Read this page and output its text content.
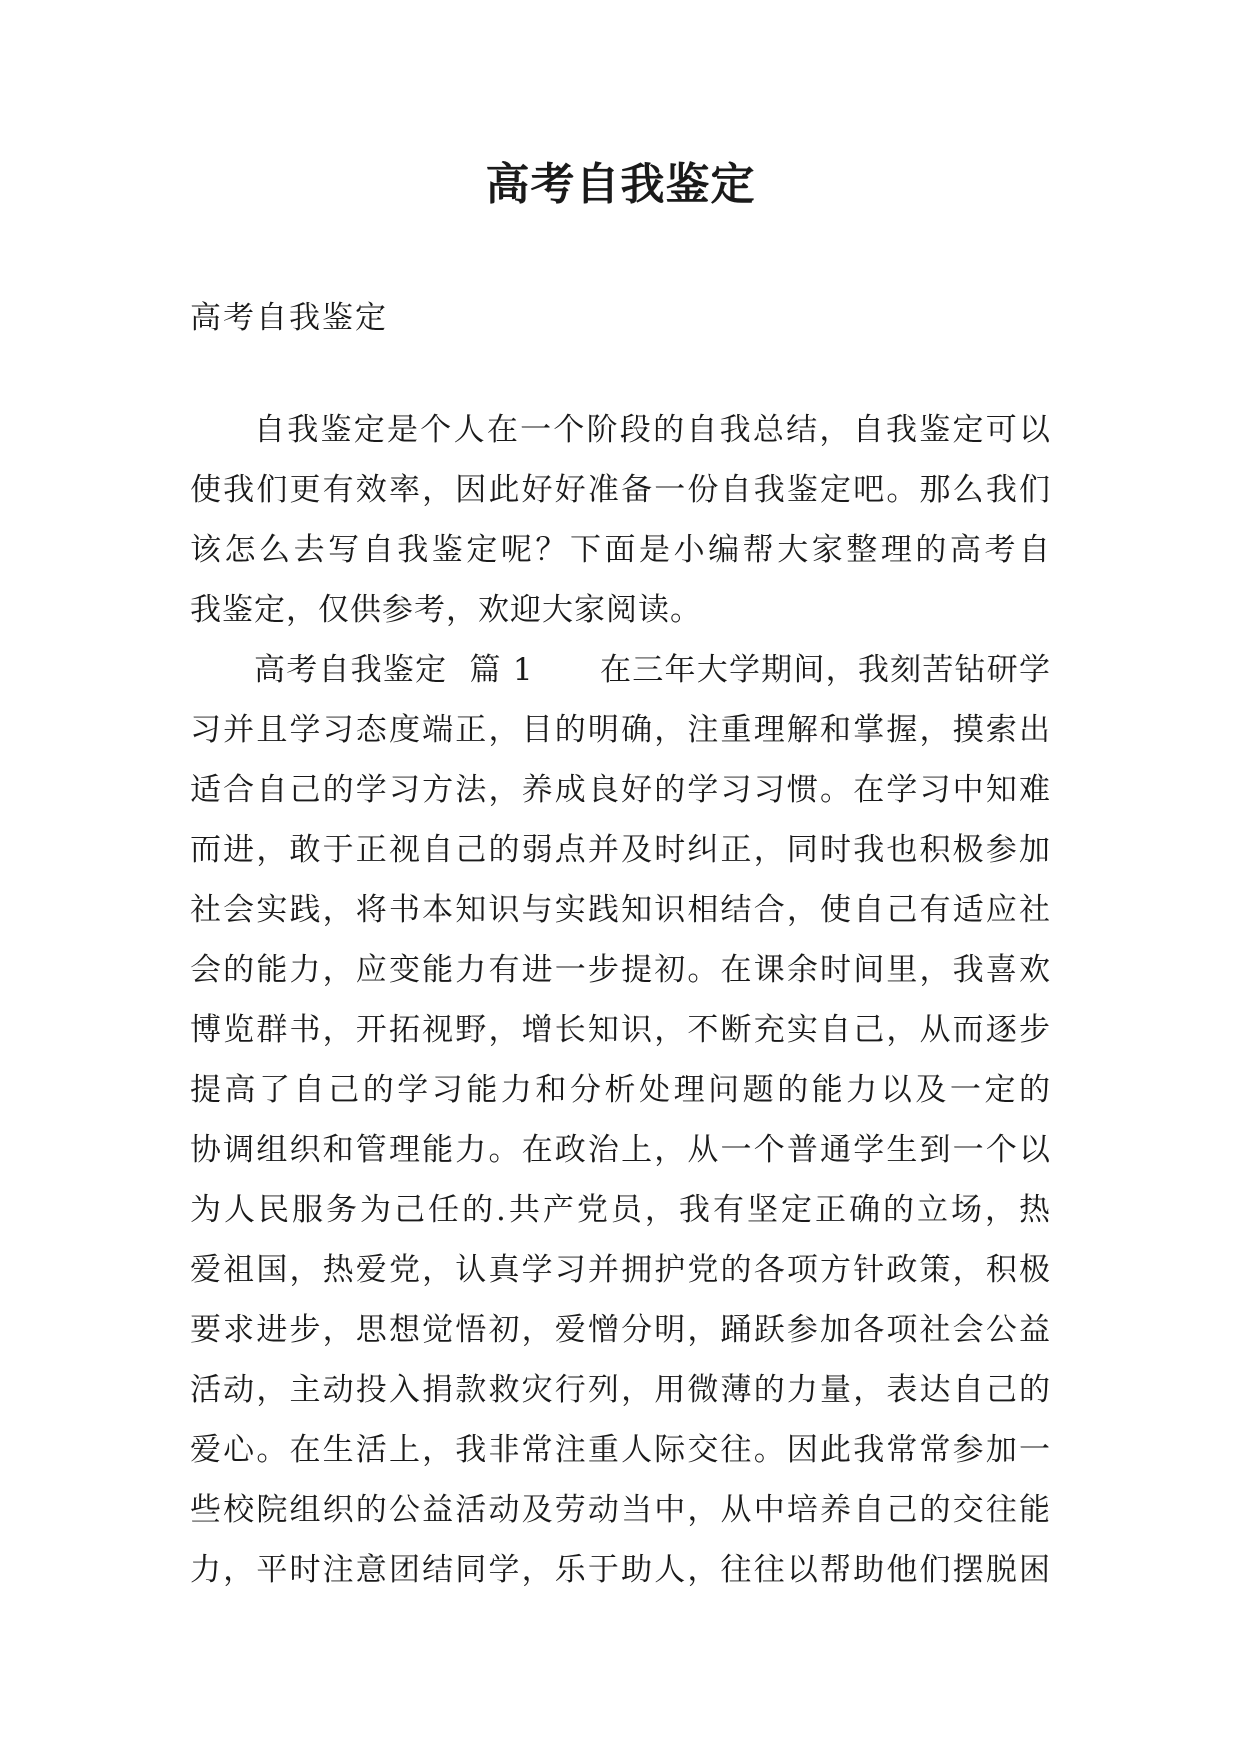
高考自我鉴定

高考自我鉴定

自我鉴定是个人在一个阶段的自我总结，自我鉴定可以
使我们更有效率，因此好好准备一份自我鉴定吧。那么我们
该怎么去写自我鉴定呢？下面是小编帮大家整理的高考自
我鉴定，仅供参考，欢迎大家阅读。
高考自我鉴定  篇 1      在三年大学期间，我刻苦钻研学
习并且学习态度端正，目的明确，注重理解和掌握，摸索出
适合自己的学习方法，养成良好的学习习惯。在学习中知难
而进，敢于正视自己的弱点并及时纠正，同时我也积极参加
社会实践，将书本知识与实践知识相结合，使自己有适应社
会的能力，应变能力有进一步提初。在课余时间里，我喜欢
博览群书，开拓视野，增长知识，不断充实自己，从而逐步
提高了自己的学习能力和分析处理问题的能力以及一定的
协调组织和管理能力。在政治上，从一个普通学生到一个以
为人民服务为己任的.共产党员，我有坚定正确的立场，热
爱祖国，热爱党，认真学习并拥护党的各项方针政策，积极
要求进步，思想觉悟初，爱憎分明，踊跃参加各项社会公益
活动，主动投入捐款救灾行列，用微薄的力量，表达自己的
爱心。在生活上，我非常注重人际交往。因此我常常参加一
些校院组织的公益活动及劳动当中，从中培养自己的交往能
力，平时注意团结同学，乐于助人，往往以帮助他们摆脱困
